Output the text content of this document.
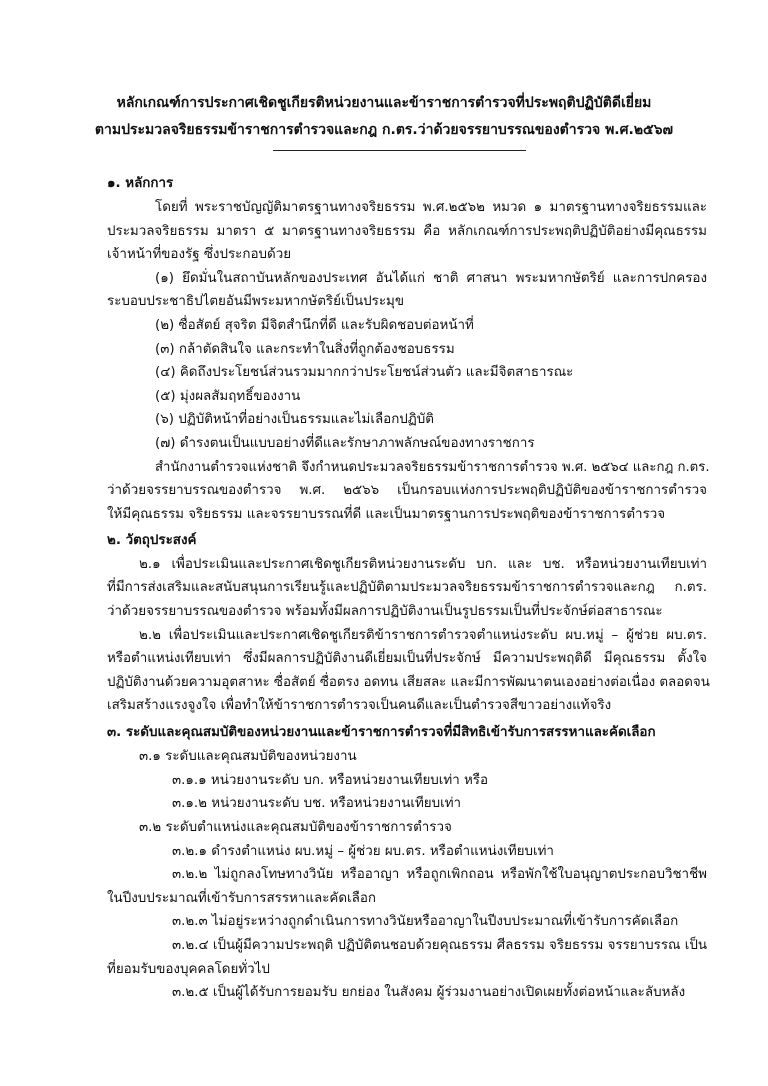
หลักเกณฑ์การประกาศเชิดชูเกียรติหน่วยงานและข้าราชการตำรวจที่ประพฤติปฏิบัติดีเยี่ยม

ตามประมวลจริยธรรมข้าราชการตำรวจและกฎ ก.ตร.ว่าด้วยจรรยาบรรณของตำรวจ พ.ศ.๒๕๖๗

๑. หลักการ

โดยที่ พระราชบัญญัติมาตรฐานทางจริยธรรม พ.ศ.๒๕๖๒ หมวด ๑ มาตรฐานทางจริยธรรมและ

ประมวลจริยธรรม มาตรา ๕ มาตรฐานทางจริยธรรม คือ หลักเกณฑ์การประพฤติปฏิบัติอย่างมีคุณธรรม

เจ้าหน้าที่ของรัฐ ซึ่งประกอบด้วย

(๑) ยึดมั่นในสถาบันหลักของประเทศ อันได้แก่ ชาติ ศาสนา พระมหากษัตริย์ และการปกครอง

ระบอบประชาธิปไตยอันมีพระมหากษัตริย์เป็นประมุข

(๒) ซื่อสัตย์ สุจริต มีจิตสำนึกที่ดี และรับผิดชอบต่อหน้าที่

(๓) กล้าตัดสินใจ และกระทำในสิ่งที่ถูกต้องชอบธรรม

(๔) คิดถึงประโยชน์ส่วนรวมมากกว่าประโยชน์ส่วนตัว และมีจิตสาธารณะ

(๕) มุ่งผลสัมฤทธิ์ของงาน

(๖) ปฏิบัติหน้าที่อย่างเป็นธรรมและไม่เลือกปฏิบัติ

(๗) ดำรงตนเป็นแบบอย่างที่ดีและรักษาภาพลักษณ์ของทางราชการ

สำนักงานตำรวจแห่งชาติ จึงกำหนดประมวลจริยธรรมข้าราชการตำรวจ พ.ศ. ๒๕๖๔ และกฎ ก.ตร.

ว่าด้วยจรรยาบรรณของตำรวจ พ.ศ. ๒๕๖๖ เป็นกรอบแห่งการประพฤติปฏิบัติของข้าราชการตำรวจ

ให้มีคุณธรรม จริยธรรม และจรรยาบรรณที่ดี และเป็นมาตรฐานการประพฤติของข้าราชการตำรวจ

๒. วัตถุประสงค์

๒.๑ เพื่อประเมินและประกาศเชิดชูเกียรติหน่วยงานระดับ บก. และ บช. หรือหน่วยงานเทียบเท่า

ที่มีการส่งเสริมและสนับสนุนการเรียนรู้และปฏิบัติตามประมวลจริยธรรมข้าราชการตำรวจและกฎ ก.ตร.

ว่าด้วยจรรยาบรรณของตำรวจ พร้อมทั้งมีผลการปฏิบัติงานเป็นรูปธรรมเป็นที่ประจักษ์ต่อสาธารณะ

๒.๒ เพื่อประเมินและประกาศเชิดชูเกียรติข้าราชการตำรวจตำแหน่งระดับ ผบ.หมู่ – ผู้ช่วย ผบ.ตร.

หรือตำแหน่งเทียบเท่า ซึ่งมีผลการปฏิบัติงานดีเยี่ยมเป็นที่ประจักษ์ มีความประพฤติดี มีคุณธรรม ตั้งใจ

ปฏิบัติงานด้วยความอุตสาหะ ซื่อสัตย์ ซื่อตรง อดทน เสียสละ และมีการพัฒนาตนเองอย่างต่อเนื่อง ตลอดจน

เสริมสร้างแรงจูงใจ เพื่อทำให้ข้าราชการตำรวจเป็นคนดีและเป็นตำรวจสีขาวอย่างแท้จริง

๓. ระดับและคุณสมบัติของหน่วยงานและข้าราชการตำรวจที่มีสิทธิเข้ารับการสรรหาและคัดเลือก

๓.๑ ระดับและคุณสมบัติของหน่วยงาน

๓.๑.๑ หน่วยงานระดับ บก. หรือหน่วยงานเทียบเท่า หรือ

๓.๑.๒ หน่วยงานระดับ บช. หรือหน่วยงานเทียบเท่า

๓.๒ ระดับตำแหน่งและคุณสมบัติของข้าราชการตำรวจ

๓.๒.๑ ดำรงตำแหน่ง ผบ.หมู่ – ผู้ช่วย ผบ.ตร. หรือตำแหน่งเทียบเท่า

๓.๒.๒ ไม่ถูกลงโทษทางวินัย หรืออาญา หรือถูกเพิกถอน หรือพักใช้ใบอนุญาตประกอบวิชาชีพ

ในปีงบประมาณที่เข้ารับการสรรหาและคัดเลือก

๓.๒.๓ ไม่อยู่ระหว่างถูกดำเนินการทางวินัยหรืออาญาในปีงบประมาณที่เข้ารับการคัดเลือก

๓.๒.๔ เป็นผู้มีความประพฤติ ปฏิบัติตนชอบด้วยคุณธรรม ศีลธรรม จริยธรรม จรรยาบรรณ เป็น

ที่ยอมรับของบุคคลโดยทั่วไป

๓.๒.๕ เป็นผู้ได้รับการยอมรับ ยกย่อง ในสังคม ผู้ร่วมงานอย่างเปิดเผยทั้งต่อหน้าและลับหลัง
